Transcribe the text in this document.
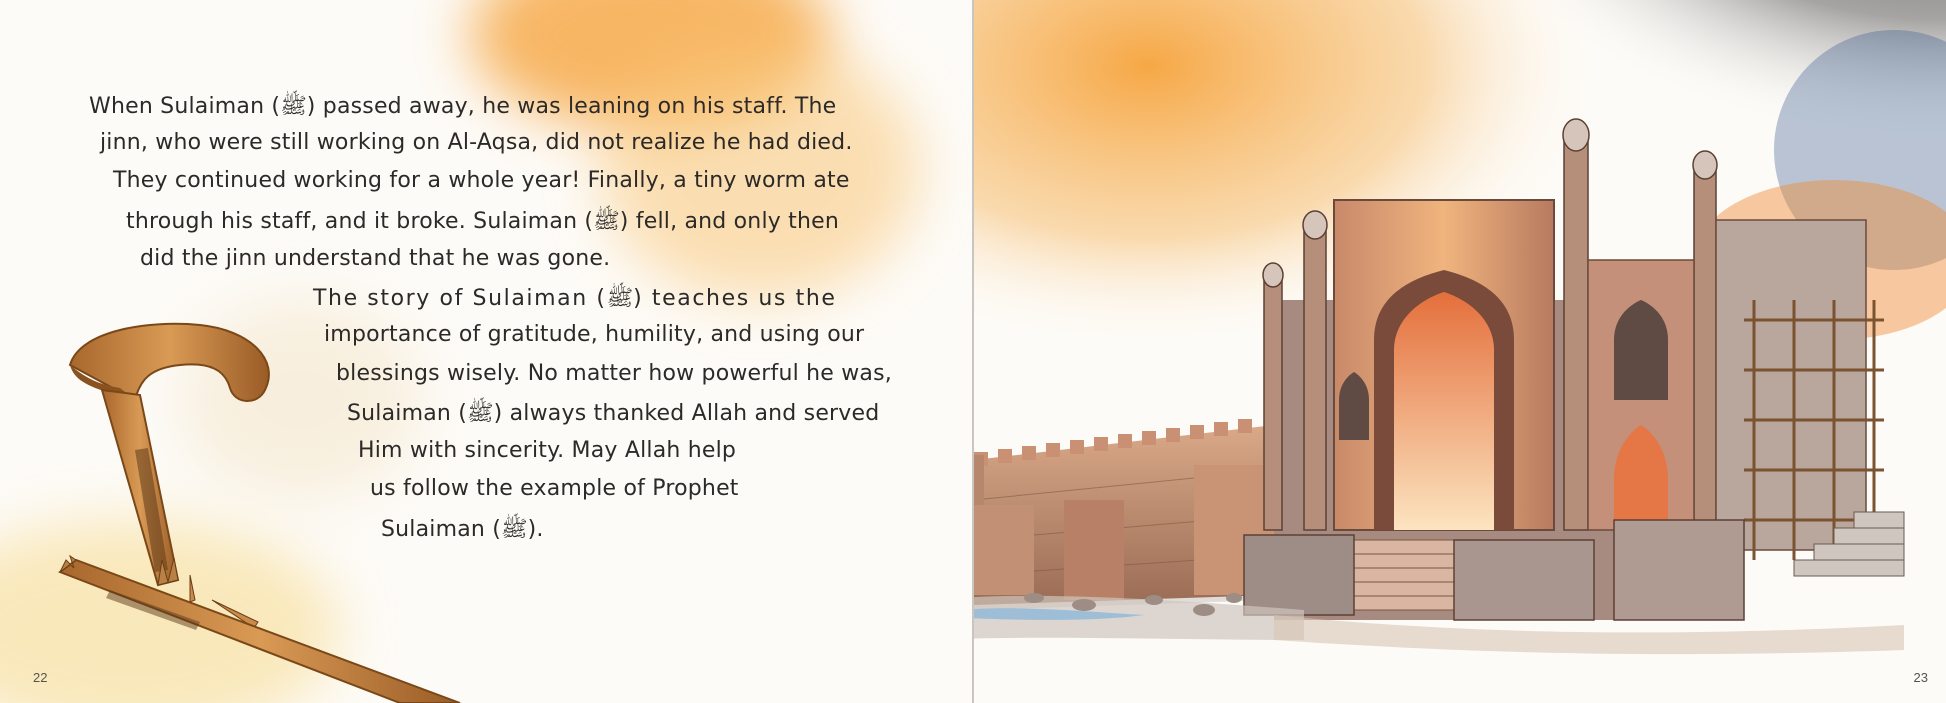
When Sulaiman (ﷺ) passed away, he was leaning on his staff. The
jinn, who were still working on Al-Aqsa, did not realize he had died.
They continued working for a whole year! Finally, a tiny worm ate
through his staff, and it broke. Sulaiman (ﷺ) fell, and only then
did the jinn understand that he was gone.
The story of Sulaiman (ﷺ) teaches us the
importance of gratitude, humility, and using our
blessings wisely. No matter how powerful he was,
Sulaiman (ﷺ) always thanked Allah and served
Him with sincerity. May Allah help
us follow the example of Prophet
Sulaiman (ﷺ).
22	23
